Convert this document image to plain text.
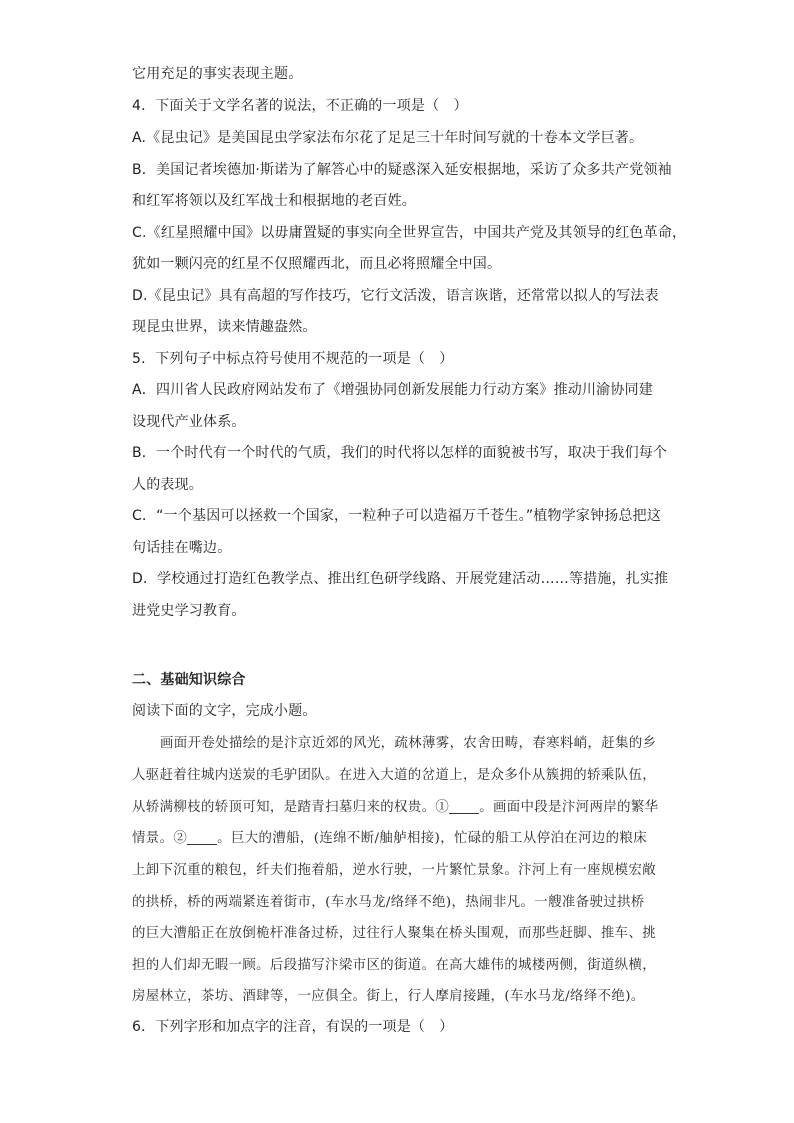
它用充足的事实表现主题。
4．下面关于文学名著的说法，不正确的一项是（　）
A.《昆虫记》是美国昆虫学家法布尔花了足足三十年时间写就的十卷本文学巨著。
B．美国记者埃德加·斯诺为了解答心中的疑惑深入延安根据地，采访了众多共产党领袖
和红军将领以及红军战士和根据地的老百姓。
C.《红星照耀中国》以毋庸置疑的事实向全世界宣告，中国共产党及其领导的红色革命，
犹如一颗闪亮的红星不仅照耀西北，而且必将照耀全中国。
D.《昆虫记》具有高超的写作技巧，它行文活泼，语言诙谐，还常常以拟人的写法表
现昆虫世界，读来情趣盎然。
5．下列句子中标点符号使用不规范的一项是（　）
A．四川省人民政府网站发布了《增强协同创新发展能力行动方案》推动川渝协同建
设现代产业体系。
B．一个时代有一个时代的气质，我们的时代将以怎样的面貌被书写，取决于我们每个
人的表现。
C．“一个基因可以拯救一个国家，一粒种子可以造福万千苍生。”植物学家钟扬总把这
句话挂在嘴边。
D．学校通过打造红色教学点、推出红色研学线路、开展党建活动……等措施，扎实推
进党史学习教育。
二、基础知识综合
阅读下面的文字，完成小题。
画面开卷处描绘的是汴京近郊的风光，疏林薄雾，农舍田畴，春寒料峭，赶集的乡
人驱赶着往城内送炭的毛驴团队。在进入大道的岔道上，是众多仆从簇拥的轿乘队伍，
从轿满柳枝的轿顶可知，是踏青扫墓归来的权贵。① 。画面中段是汴河两岸的繁华
情景。② 。巨大的漕船，(连绵不断/舳舻相接)，忙碌的船工从停泊在河边的粮床
上卸下沉重的粮包，纤夫们拖着船，逆水行驶，一片繁忙景象。汴河上有一座规模宏敞
的拱桥，桥的两端紧连着街市，(车水马龙/络绎不绝)，热闹非凡。一艘准备驶过拱桥
的巨大漕船正在放倒桅杆准备过桥，过往行人聚集在桥头围观，而那些赶脚、推车、挑
担的人们却无暇一顾。后段描写汴梁市区的街道。在高大雄伟的城楼两侧，街道纵横，
房屋林立，茶坊、酒肆等，一应俱全。街上，行人摩肩接踵，(车水马龙/络绎不绝)。
6．下列字形和加点字的注音，有误的一项是（　）
